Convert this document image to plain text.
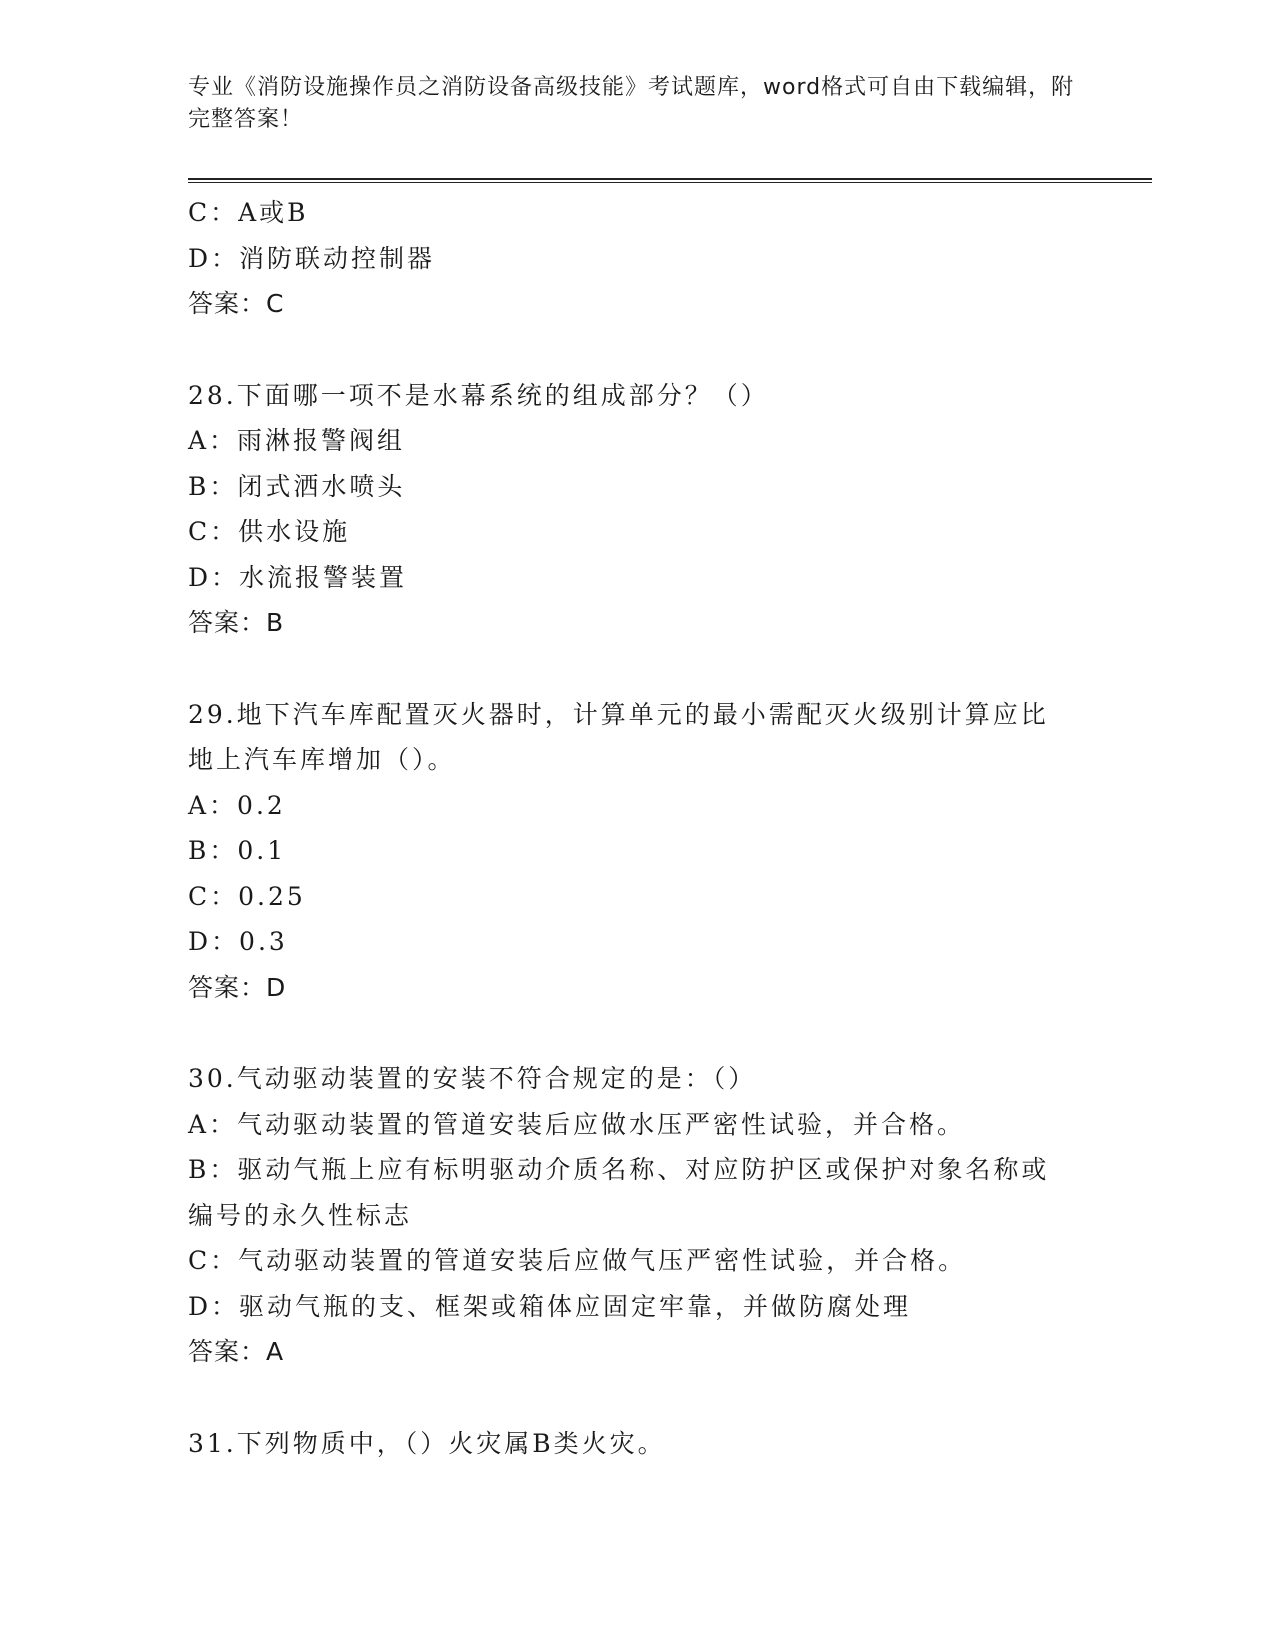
专业《消防设施操作员之消防设备高级技能》考试题库，word格式可自由下载编辑，附完整答案！
C：A或B
D：消防联动控制器
答案：C
28.下面哪一项不是水幕系统的组成部分？（）
A：雨淋报警阀组
B：闭式洒水喷头
C：供水设施
D：水流报警装置
答案：B
29.地下汽车库配置灭火器时，计算单元的最小需配灭火级别计算应比
地上汽车库增加（）。
A：0.2
B：0.1
C：0.25
D：0.3
答案：D
30.气动驱动装置的安装不符合规定的是：（）
A：气动驱动装置的管道安装后应做水压严密性试验，并合格。
B：驱动气瓶上应有标明驱动介质名称、对应防护区或保护对象名称或
编号的永久性标志
C：气动驱动装置的管道安装后应做气压严密性试验，并合格。
D：驱动气瓶的支、框架或箱体应固定牢靠，并做防腐处理
答案：A
31.下列物质中，（）火灾属B类火灾。
